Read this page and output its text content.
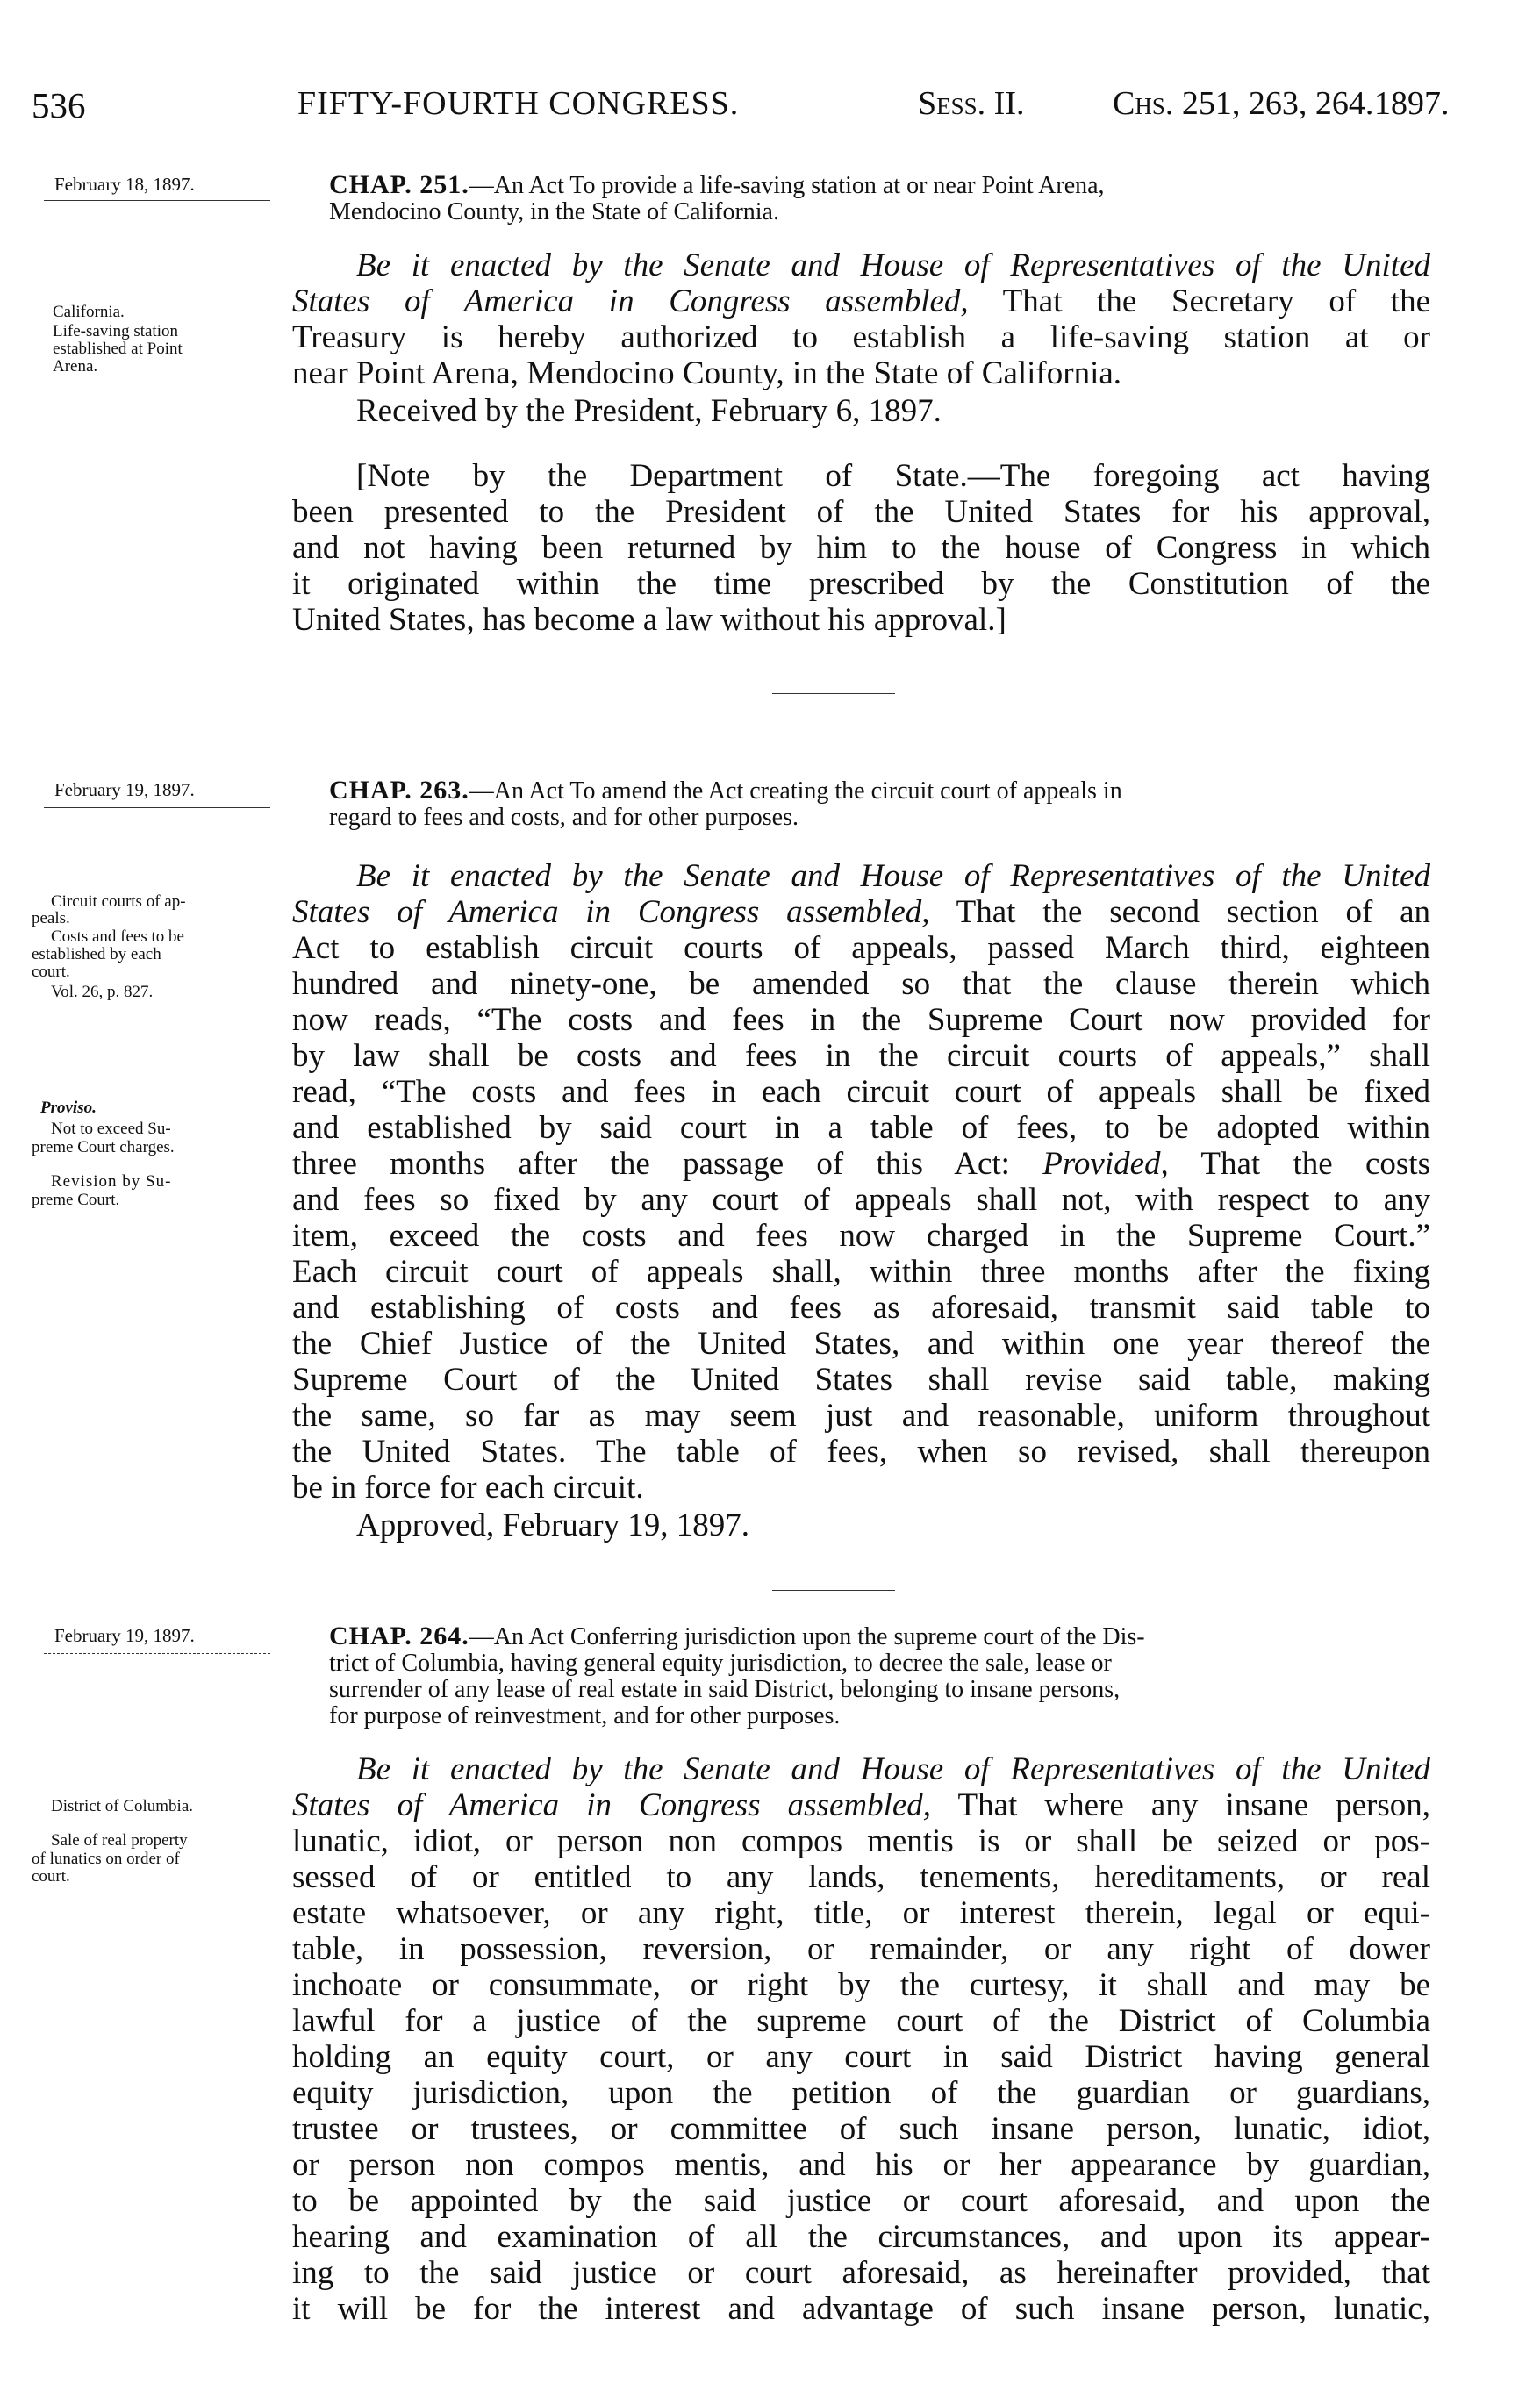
536	FIFTY-FOURTH CONGRESS.	Sess. II.	Chs. 251, 263, 264. 1897.
February 18, 1897.	CHAP. 251.—An Act To provide a life-saving station at or near Point Arena,
Mendocino County, in the State of California.
California.
Life-saving station
established at Point
Arena.
Be it enacted by the Senate and House of Representatives of the United
States of America in Congress assembled, That the Secretary of the
Treasury is hereby authorized to establish a life-saving station at or
near Point Arena, Mendocino County, in the State of California.
Received by the President, February 6, 1897.
[Note by the Department of State.—The foregoing act having
been presented to the President of the United States for his approval,
and not having been returned by him to the house of Congress in which
it originated within the time prescribed by the Constitution of the
United States, has become a law without his approval.]
February 19, 1897.	CHAP. 263.—An Act To amend the Act creating the circuit court of appeals in
regard to fees and costs, and for other purposes.
Circuit courts of ap-
peals.
Costs and fees to be
established by each
court.
Vol. 26, p. 827.
Proviso.
Not to exceed Su-
preme Court charges.
Revision by Su-
preme Court.
Be it enacted by the Senate and House of Representatives of the United
States of America in Congress assembled, That the second section of an
Act to establish circuit courts of appeals, passed March third, eighteen
hundred and ninety-one, be amended so that the clause therein which
now reads, “The costs and fees in the Supreme Court now provided for
by law shall be costs and fees in the circuit courts of appeals,” shall
read, “The costs and fees in each circuit court of appeals shall be fixed
and established by said court in a table of fees, to be adopted within
three months after the passage of this Act: Provided, That the costs
and fees so fixed by any court of appeals shall not, with respect to any
item, exceed the costs and fees now charged in the Supreme Court.”
Each circuit court of appeals shall, within three months after the fixing
and establishing of costs and fees as aforesaid, transmit said table to
the Chief Justice of the United States, and within one year thereof the
Supreme Court of the United States shall revise said table, making
the same, so far as may seem just and reasonable, uniform throughout
the United States. The table of fees, when so revised, shall thereupon
be in force for each circuit.
Approved, February 19, 1897.
February 19, 1897.	CHAP. 264.—An Act Conferring jurisdiction upon the supreme court of the Dis-
trict of Columbia, having general equity jurisdiction, to decree the sale, lease or
surrender of any lease of real estate in said District, belonging to insane persons,
for purpose of reinvestment, and for other purposes.
District of Columbia.
Sale of real property
of lunatics on order of
court.
Be it enacted by the Senate and House of Representatives of the United
States of America in Congress assembled, That where any insane person,
lunatic, idiot, or person non compos mentis is or shall be seized or pos-
sessed of or entitled to any lands, tenements, hereditaments, or real
estate whatsoever, or any right, title, or interest therein, legal or equi-
table, in possession, reversion, or remainder, or any right of dower
inchoate or consummate, or right by the curtesy, it shall and may be
lawful for a justice of the supreme court of the District of Columbia
holding an equity court, or any court in said District having general
equity jurisdiction, upon the petition of the guardian or guardians,
trustee or trustees, or committee of such insane person, lunatic, idiot,
or person non compos mentis, and his or her appearance by guardian,
to be appointed by the said justice or court aforesaid, and upon the
hearing and examination of all the circumstances, and upon its appear-
ing to the said justice or court aforesaid, as hereinafter provided, that
it will be for the interest and advantage of such insane person, lunatic,
